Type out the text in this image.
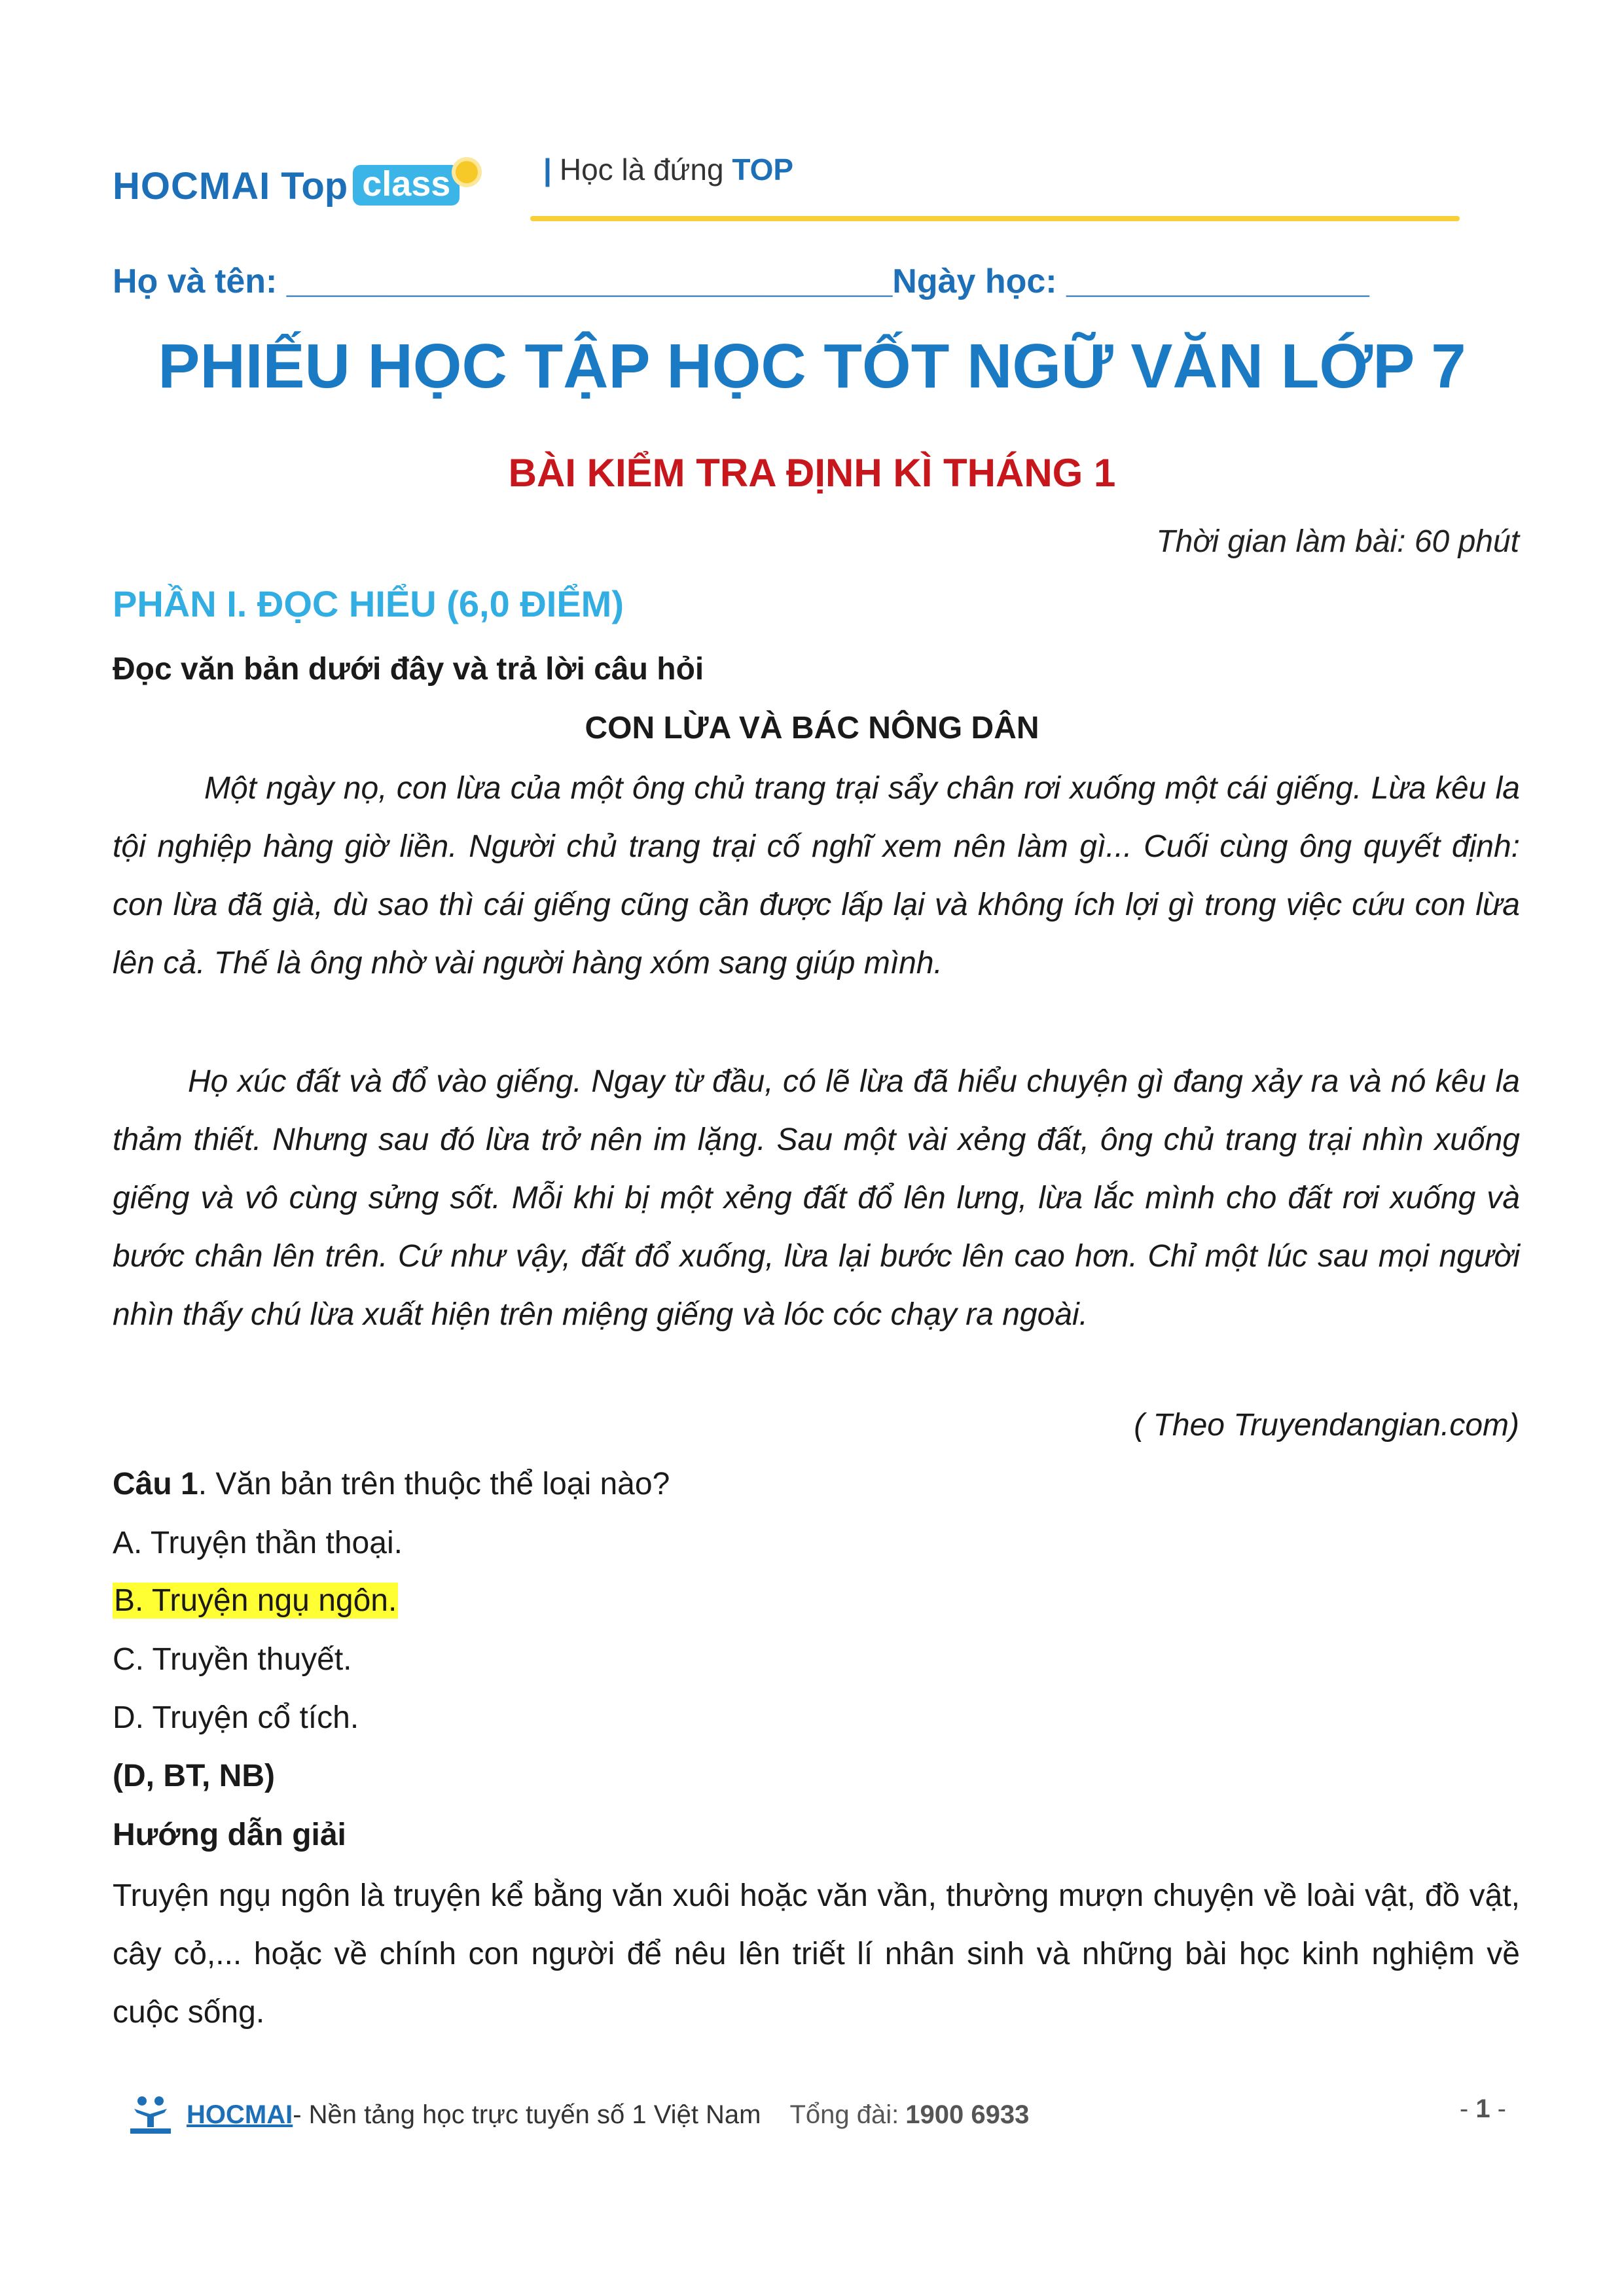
HOCMAI Top class	| Học là đứng TOP
Họ và tên: ________________________________Ngày học: ________________
PHIẾU HỌC TẬP HỌC TỐT NGỮ VĂN LỚP 7
BÀI KIỂM TRA ĐỊNH KÌ THÁNG 1
Thời gian làm bài: 60 phút
PHẦN I. ĐỌC HIỂU (6,0 ĐIỂM)
Đọc văn bản dưới đây và trả lời câu hỏi
CON LỪA VÀ BÁC NÔNG DÂN
Một ngày nọ, con lừa của một ông chủ trang trại sẩy chân rơi xuống một cái giếng. Lừa kêu la tội nghiệp hàng giờ liền. Người chủ trang trại cố nghĩ xem nên làm gì... Cuối cùng ông quyết định: con lừa đã già, dù sao thì cái giếng cũng cần được lấp lại và không ích lợi gì trong việc cứu con lừa lên cả. Thế là ông nhờ vài người hàng xóm sang giúp mình.
Họ xúc đất và đổ vào giếng. Ngay từ đầu, có lẽ lừa đã hiểu chuyện gì đang xảy ra và nó kêu la thảm thiết. Nhưng sau đó lừa trở nên im lặng. Sau một vài xẻng đất, ông chủ trang trại nhìn xuống giếng và vô cùng sửng sốt. Mỗi khi bị một xẻng đất đổ lên lưng, lừa lắc mình cho đất rơi xuống và bước chân lên trên. Cứ như vậy, đất đổ xuống, lừa lại bước lên cao hơn. Chỉ một lúc sau mọi người nhìn thấy chú lừa xuất hiện trên miệng giếng và lóc cóc chạy ra ngoài.
( Theo Truyendangian.com)
Câu 1. Văn bản trên thuộc thể loại nào?
A. Truyện thần thoại.
B. Truyện ngụ ngôn.
C. Truyền thuyết.
D. Truyện cổ tích.
(D, BT, NB)
Hướng dẫn giải
Truyện ngụ ngôn là truyện kể bằng văn xuôi hoặc văn vần, thường mượn chuyện về loài vật, đồ vật, cây cỏ,... hoặc về chính con người để nêu lên triết lí nhân sinh và những bài học kinh nghiệm về cuộc sống.
HOCMAI - Nền tảng học trực tuyến số 1 Việt Nam Tổng đài: 1900 6933	- 1 -
